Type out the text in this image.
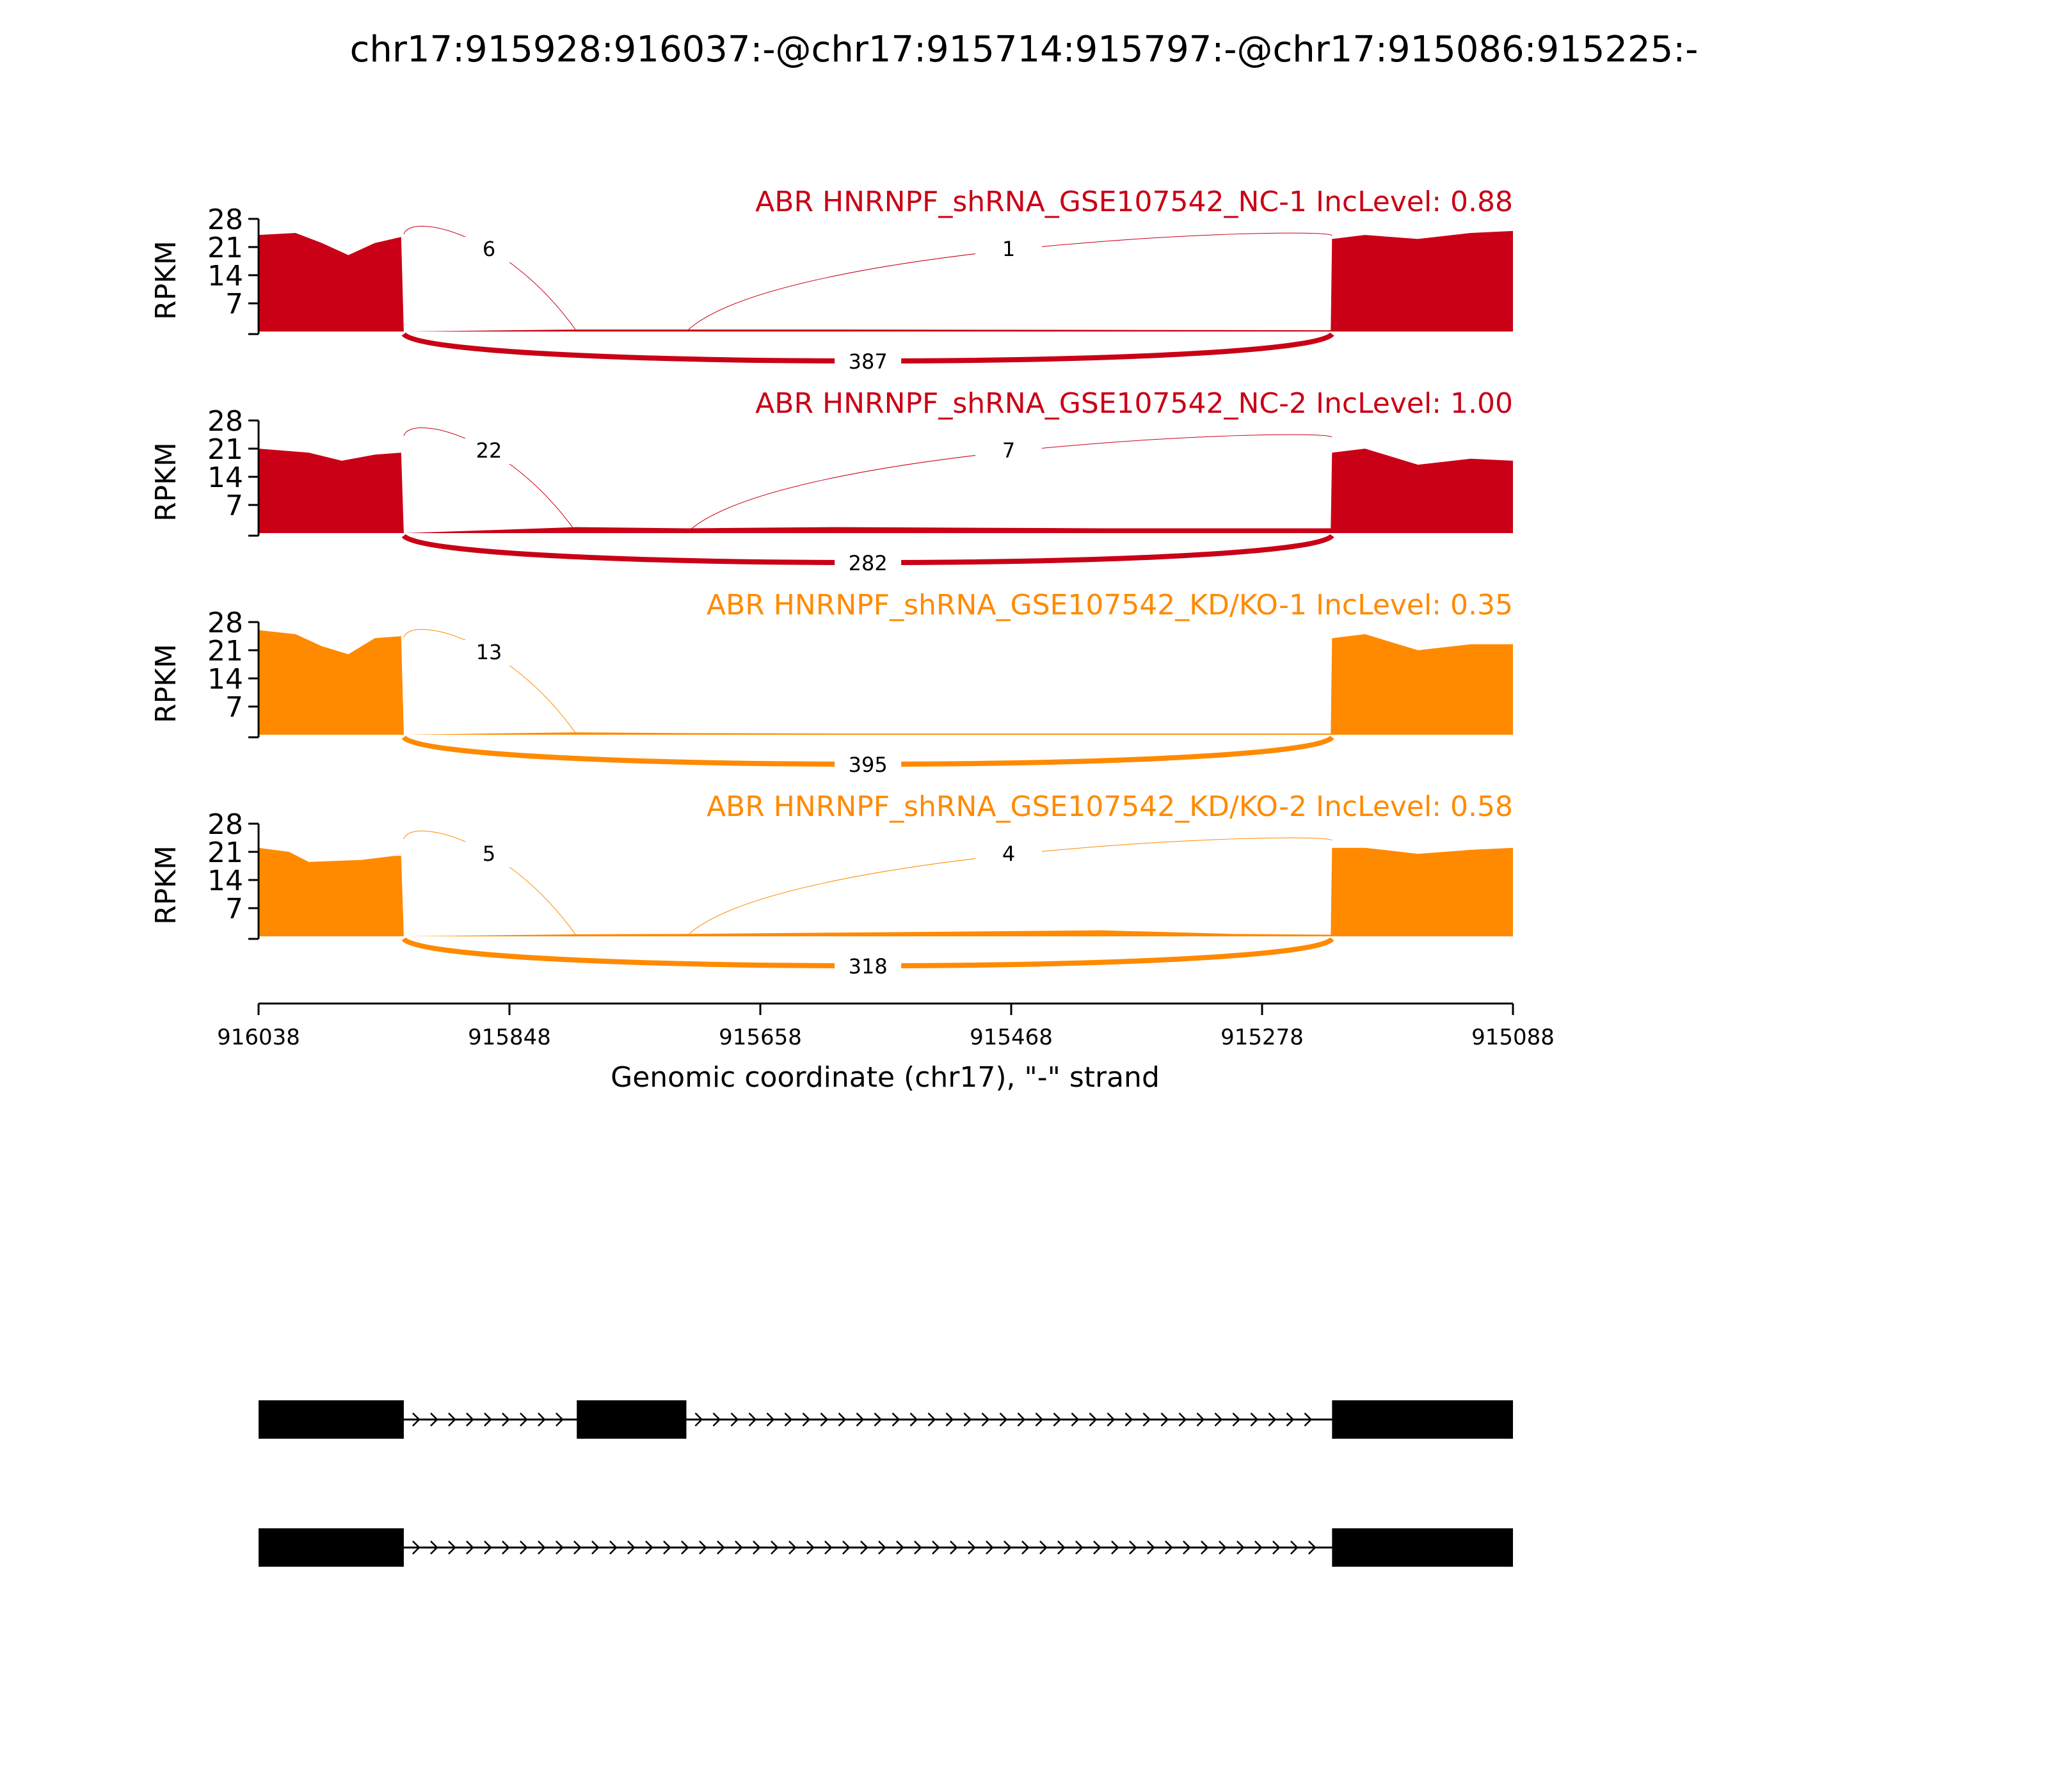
chr17:915928:916037:-@chr17:915714:915797:-@chr17:915086:915225:-
7
14
21
28
RPKM
ABR HNRNPF_shRNA_GSE107542_NC-1 IncLevel: 0.88
6	1
387
7
14
21
28
RPKM
ABR HNRNPF_shRNA_GSE107542_NC-2 IncLevel: 1.00
22	7
282
7
14
21
28
RPKM
ABR HNRNPF_shRNA_GSE107542_KD/KO-1 IncLevel: 0.35
13
395
7
14
21
28
RPKM
ABR HNRNPF_shRNA_GSE107542_KD/KO-2 IncLevel: 0.58
5	4
318
916038	915848	915658	915468	915278	915088
Genomic coordinate (chr17), "-" strand
